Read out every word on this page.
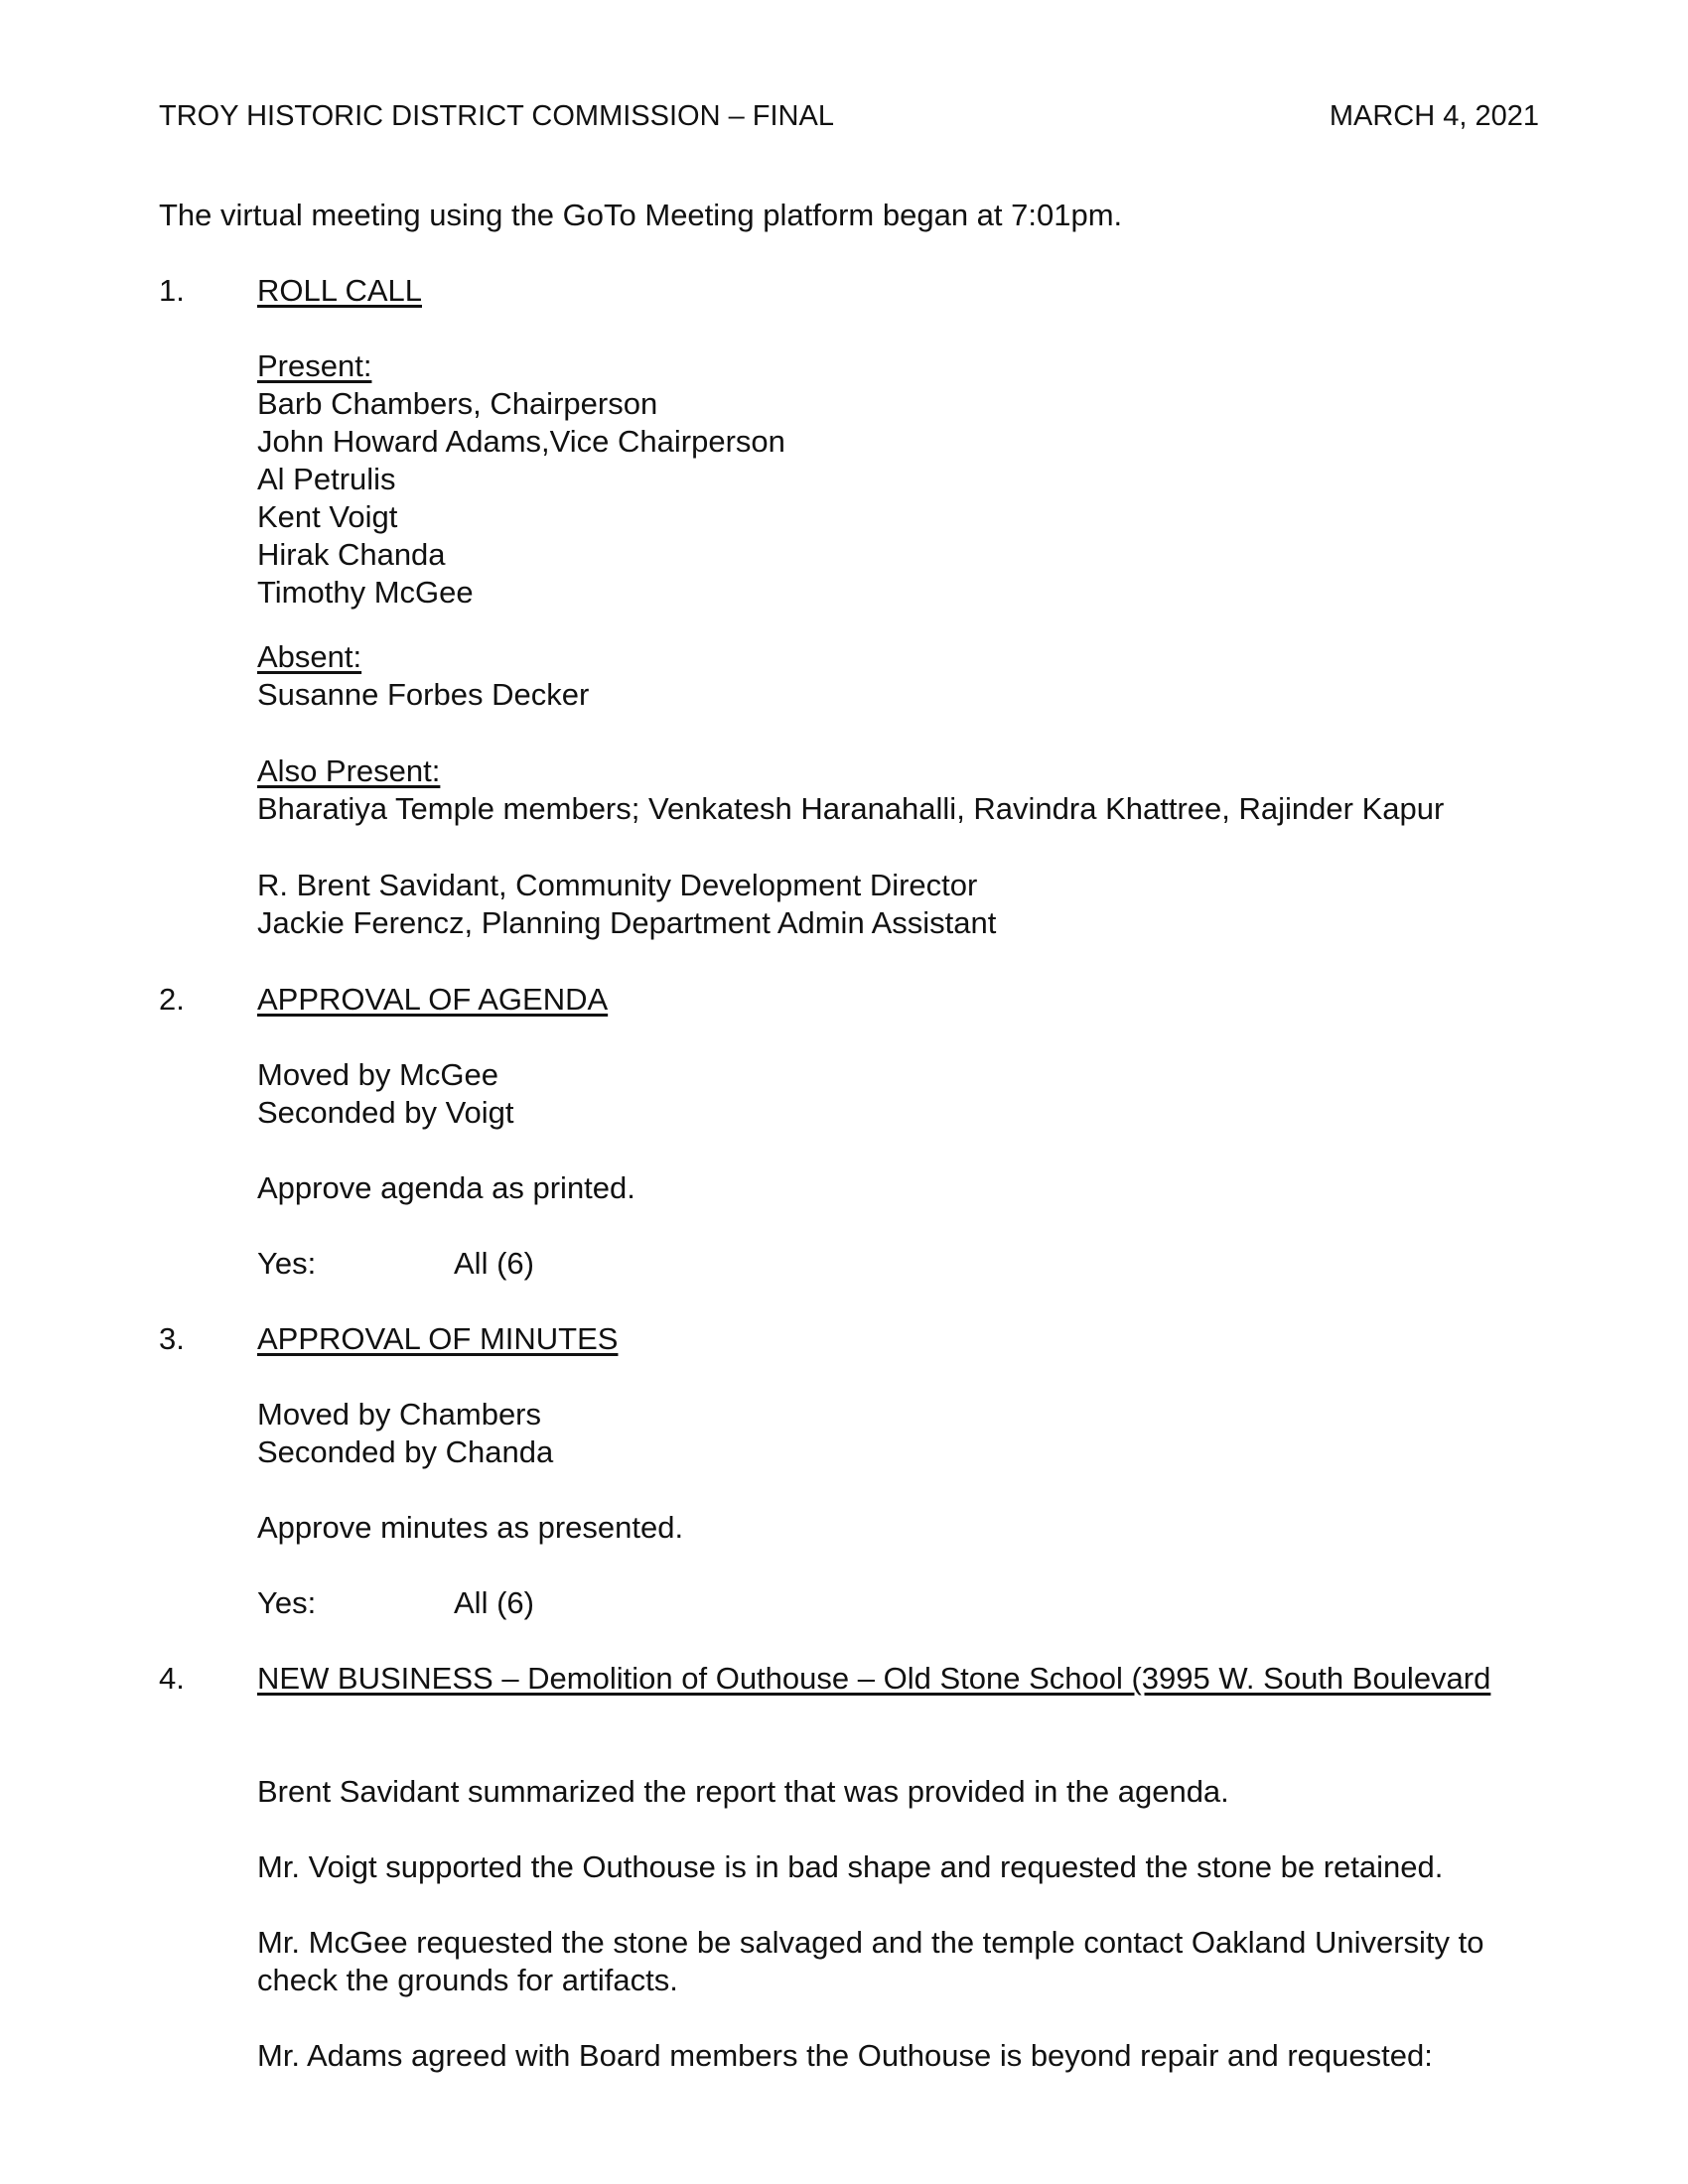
TROY HISTORIC DISTRICT COMMISSION – FINAL	MARCH 4, 2021
The virtual meeting using the GoTo Meeting platform began at 7:01pm.
1. ROLL CALL
Present:
Barb Chambers, Chairperson
John Howard Adams,Vice Chairperson
Al Petrulis
Kent Voigt
Hirak Chanda
Timothy McGee
Absent:
Susanne Forbes Decker
Also Present:
Bharatiya Temple members; Venkatesh Haranahalli, Ravindra Khattree, Rajinder Kapur
R. Brent Savidant, Community Development Director
Jackie Ferencz, Planning Department Admin Assistant
2. APPROVAL OF AGENDA
Moved by McGee
Seconded by Voigt
Approve agenda as printed.
Yes:	All (6)
3. APPROVAL OF MINUTES
Moved by Chambers
Seconded by Chanda
Approve minutes as presented.
Yes:	All (6)
4. NEW BUSINESS – Demolition of Outhouse – Old Stone School (3995 W. South Boulevard
Brent Savidant summarized the report that was provided in the agenda.
Mr. Voigt supported the Outhouse is in bad shape and requested the stone be retained.
Mr. McGee requested the stone be salvaged and the temple contact Oakland University to check the grounds for artifacts.
Mr. Adams agreed with Board members the Outhouse is beyond repair and requested:
